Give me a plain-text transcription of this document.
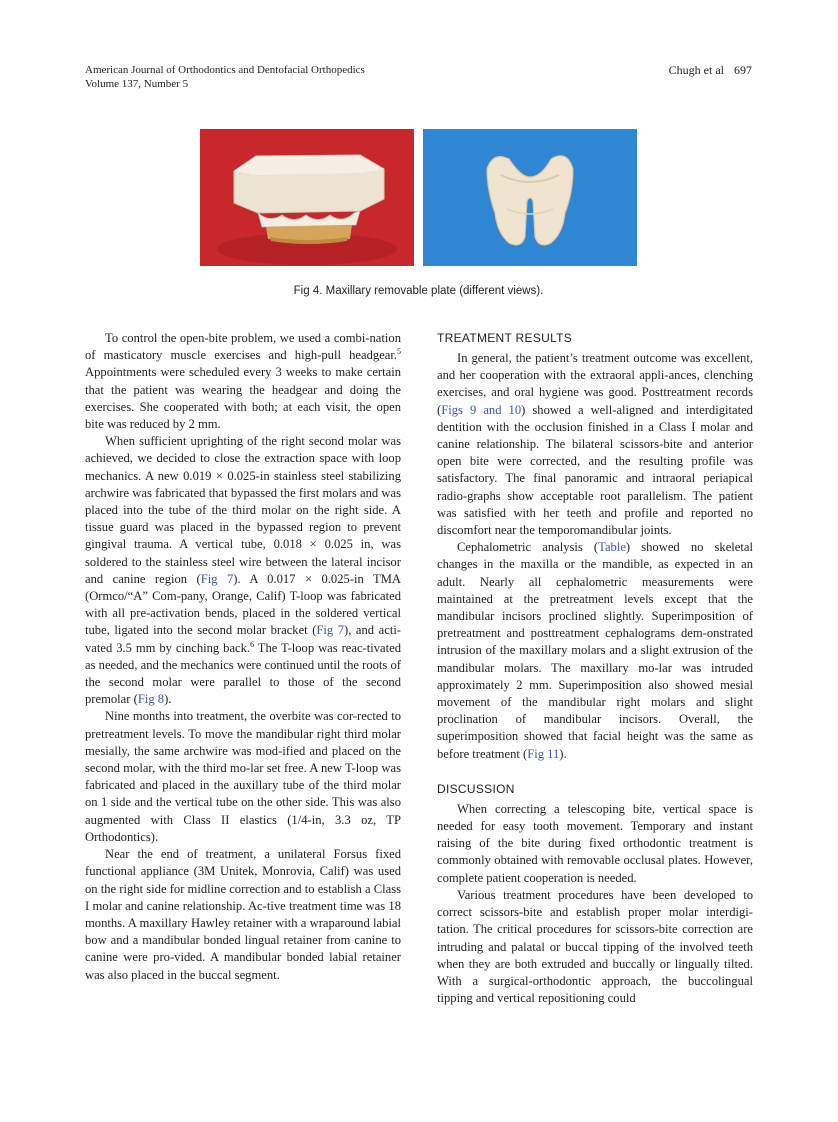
American Journal of Orthodontics and Dentofacial Orthopedics
Volume 137, Number 5
Chugh et al 697
Fig 4. Maxillary removable plate (different views).

To control the open-bite problem, we used a combi-nation of masticatory muscle exercises and high-pull headgear.$^5$ Appointments were scheduled every 3 weeks to make certain that the patient was wearing the headgear and doing the exercises. She cooperated with both; at each visit, the open bite was reduced by 2 mm.

When sufficient uprighting of the right second molar was achieved, we decided to close the extraction space with loop mechanics. A new 0.019 × 0.025-in stainless steel stabilizing archwire was fabricated that bypassed the first molars and was placed into the tube of the third molar on the right side. A tissue guard was placed in the bypassed region to prevent gingival trauma. A vertical tube, 0.018 × 0.025 in, was soldered to the stainless steel wire between the lateral incisor and canine region (Fig 7). A 0.017 × 0.025-in TMA (Ormco/“A” Com-pany, Orange, Calif) T-loop was fabricated with all pre-activation bends, placed in the soldered vertical tube, ligated into the second molar bracket (Fig 7), and acti-vated 3.5 mm by cinching back.$^6$ The T-loop was reac-tivated as needed, and the mechanics were continued until the roots of the second molar were parallel to those of the second premolar (Fig 8).

Nine months into treatment, the overbite was cor-rected to pretreatment levels. To move the mandibular right third molar mesially, the same archwire was mod-ified and placed on the second molar, with the third mo-lar set free. A new T-loop was fabricated and placed in the auxillary tube of the third molar on 1 side and the vertical tube on the other side. This was also augmented with Class II elastics (1/4-in, 3.3 oz, TP Orthodontics).

Near the end of treatment, a unilateral Forsus fixed functional appliance (3M Unitek, Monrovia, Calif) was used on the right side for midline correction and to establish a Class I molar and canine relationship. Ac-tive treatment time was 18 months. A maxillary Hawley retainer with a wraparound labial bow and a mandibular bonded lingual retainer from canine to canine were pro-vided. A mandibular bonded labial retainer was also placed in the buccal segment.

TREATMENT RESULTS

In general, the patient’s treatment outcome was excellent, and her cooperation with the extraoral appli-ances, clenching exercises, and oral hygiene was good. Posttreatment records (Figs 9 and 10) showed a well-aligned and interdigitated dentition with the occlusion finished in a Class I molar and canine relationship. The bilateral scissors-bite and anterior open bite were corrected, and the resulting profile was satisfactory. The final panoramic and intraoral periapical radio-graphs show acceptable root parallelism. The patient was satisfied with her teeth and profile and reported no discomfort near the temporomandibular joints.

Cephalometric analysis (Table) showed no skeletal changes in the maxilla or the mandible, as expected in an adult. Nearly all cephalometric measurements were maintained at the pretreatment levels except that the mandibular incisors proclined slightly. Superimposition of pretreatment and posttreatment cephalograms dem-onstrated intrusion of the maxillary molars and a slight extrusion of the mandibular molars. The maxillary mo-lar was intruded approximately 2 mm. Superimposition also showed mesial movement of the mandibular right molars and slight proclination of mandibular incisors. Overall, the superimposition showed that facial height was the same as before treatment (Fig 11).

DISCUSSION

When correcting a telescoping bite, vertical space is needed for easy tooth movement. Temporary and instant raising of the bite during fixed orthodontic treatment is commonly obtained with removable occlusal plates. However, complete patient cooperation is needed.

Various treatment procedures have been developed to correct scissors-bite and establish proper molar interdigi-tation. The critical procedures for scissors-bite correction are intruding and palatal or buccal tipping of the involved teeth when they are both extruded and buccally or lingually tilted. With a surgical-orthodontic approach, the buccolingual tipping and vertical repositioning could
